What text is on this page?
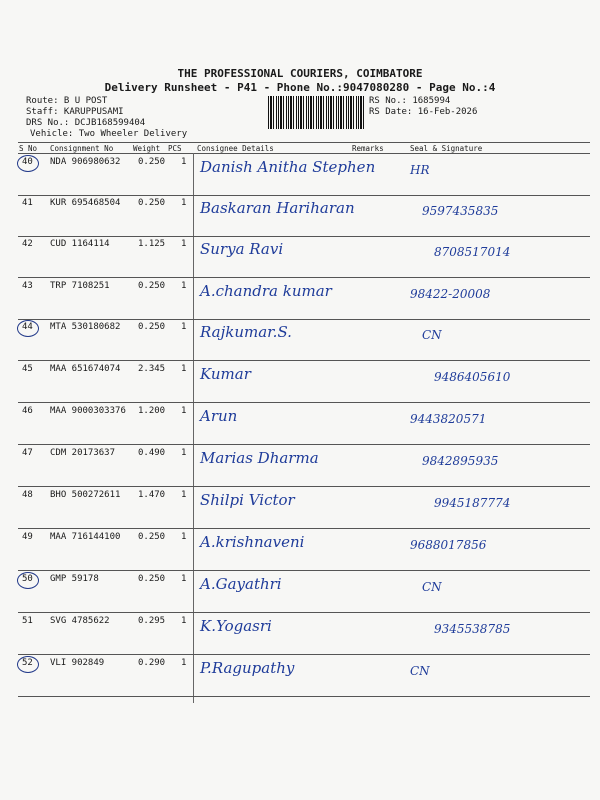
THE PROFESSIONAL COURIERS, COIMBATORE
Delivery Runsheet - P41 - Phone No.:9047080280 - Page No.:4
Route: B U POST
Staff: KARUPPUSAMI
DRS No.: DCJB168599404
Vehicle: Two Wheeler Delivery
RS No.: 1685994
RS Date: 16-Feb-2026
S No Consignment No	Weight PCS Consignee Details	Remarks	Seal & Signature
40 NDA 906980632 0.250 1 Danish Anitha Stephen	HR
41 KUR 695468504 0.250 1 Baskaran Hariharan	9597435835
42 CUD 1164114	1.125 1 Surya Ravi	8708517014
43 TRP 7108251	0.250 1 A.chandra kumar	98422-20008
44 MTA 530180682 0.250 1 Rajkumar.S.	CN
45 MAA 651674074 2.345 1 Kumar	9486405610
46 MAA 9000303376 1.200 1 Arun	9443820571
47 CDM 20173637	0.490 1 Marias Dharma	9842895935
48 BHO 500272611 1.470 1 Shilpi Victor	9945187774
49 MAA 716144100 0.250 1 A.krishnaveni	9688017856
50 GMP 59178	0.250 1 A.Gayathri	CN
51 SVG 4785622	0.295 1 K.Yogasri	9345538785
52 VLI 902849	0.290 1 P.Ragupathy	CN
